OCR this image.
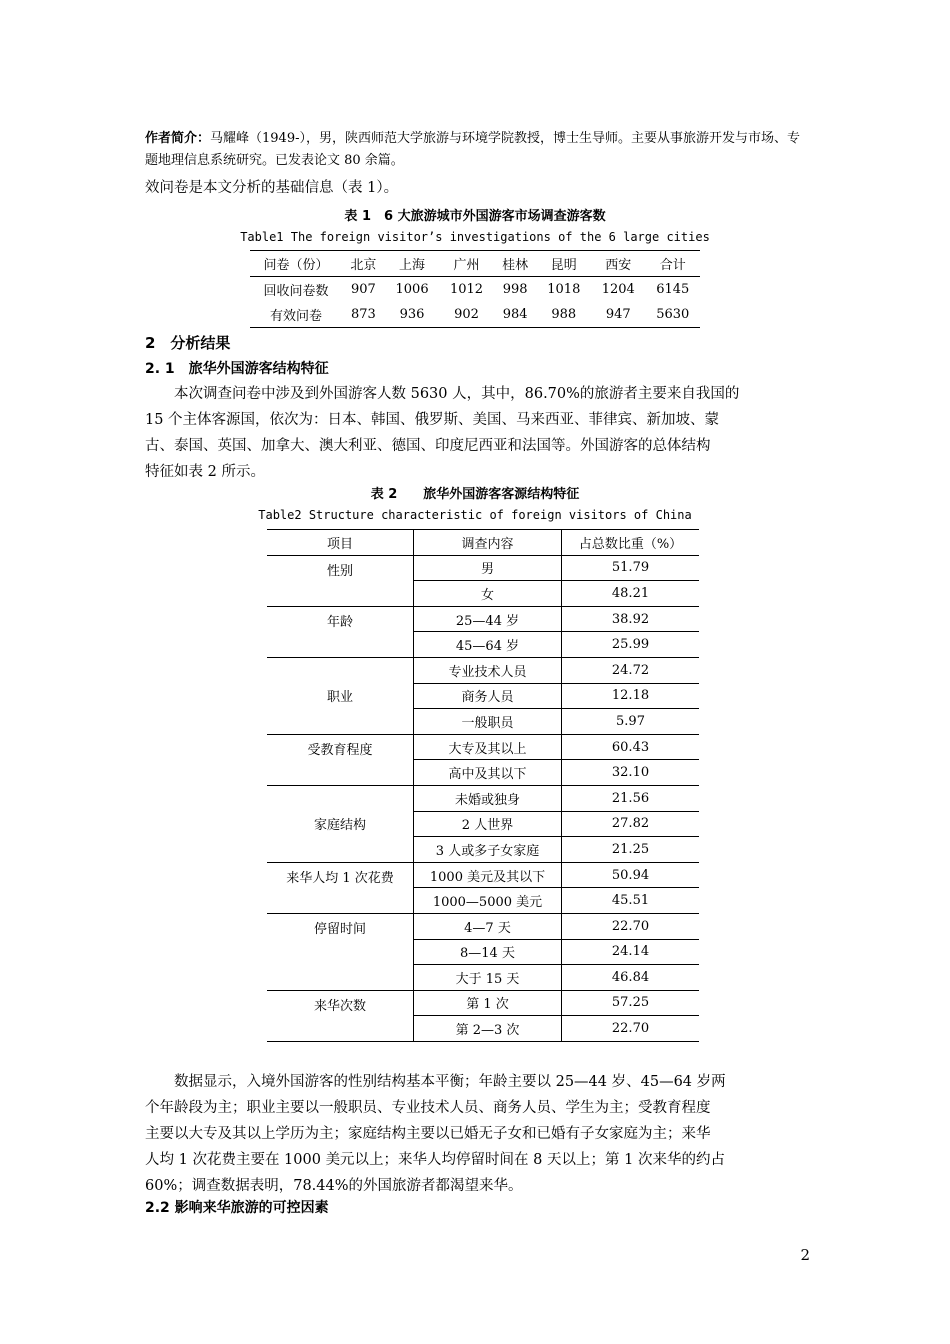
作者简介：马耀峰（1949-），男，陕西师范大学旅游与环境学院教授，博士生导师。主要从事旅游开发与市场、专题地理信息系统研究。已发表论文 80 余篇。
效问卷是本文分析的基础信息（表 1）。
表 1　6 大旅游城市外国游客市场调查游客数
Table1 The foreign visitor’s investigations of the 6 large cities
问卷（份）	北京	上海	广州	桂林	昆明	西安	合计
回收问卷数	907	1006	1012	998	1018	1204	6145
有效问卷	873	936	902	984	988	947	5630
2　分析结果
2. 1　旅华外国游客结构特征

本次调查问卷中涉及到外国游客人数 5630 人，其中，86.70%的旅游者主要来自我国的

15 个主体客源国，依次为：日本、韩国、俄罗斯、美国、马来西亚、菲律宾、新加坡、蒙

古、泰国、英国、加拿大、澳大利亚、德国、印度尼西亚和法国等。外国游客的总体结构

特征如表 2 所示。

表 2　　旅华外国游客客源结构特征
Table2 Structure characteristic of foreign visitors of China
项目	调查内容	占总数比重（%）
性别	男	51.79
	女	48.21
年龄	25—44 岁	38.92
	45—64 岁	25.99
职业	专业技术人员	24.72
	商务人员	12.18
	一般职员	5.97
受教育程度	大专及其以上	60.43
	高中及其以下	32.10
家庭结构	未婚或独身	21.56
	2 人世界	27.82
	3 人或多子女家庭	21.25
来华人均 1 次花费	1000 美元及其以下	50.94
	1000—5000 美元	45.51
停留时间	4—7 天	22.70
	8—14 天	24.14
	大于 15 天	46.84
来华次数	第 1 次	57.25
	第 2—3 次	22.70

数据显示，入境外国游客的性别结构基本平衡；年龄主要以 25—44 岁、45—64 岁两

个年龄段为主；职业主要以一般职员、专业技术人员、商务人员、学生为主；受教育程度

主要以大专及其以上学历为主；家庭结构主要以已婚无子女和已婚有子女家庭为主；来华

人均 1 次花费主要在 1000 美元以上；来华人均停留时间在 8 天以上；第 1 次来华的约占

60%；调查数据表明，78.44%的外国旅游者都渴望来华。

2.2 影响来华旅游的可控因素
2
